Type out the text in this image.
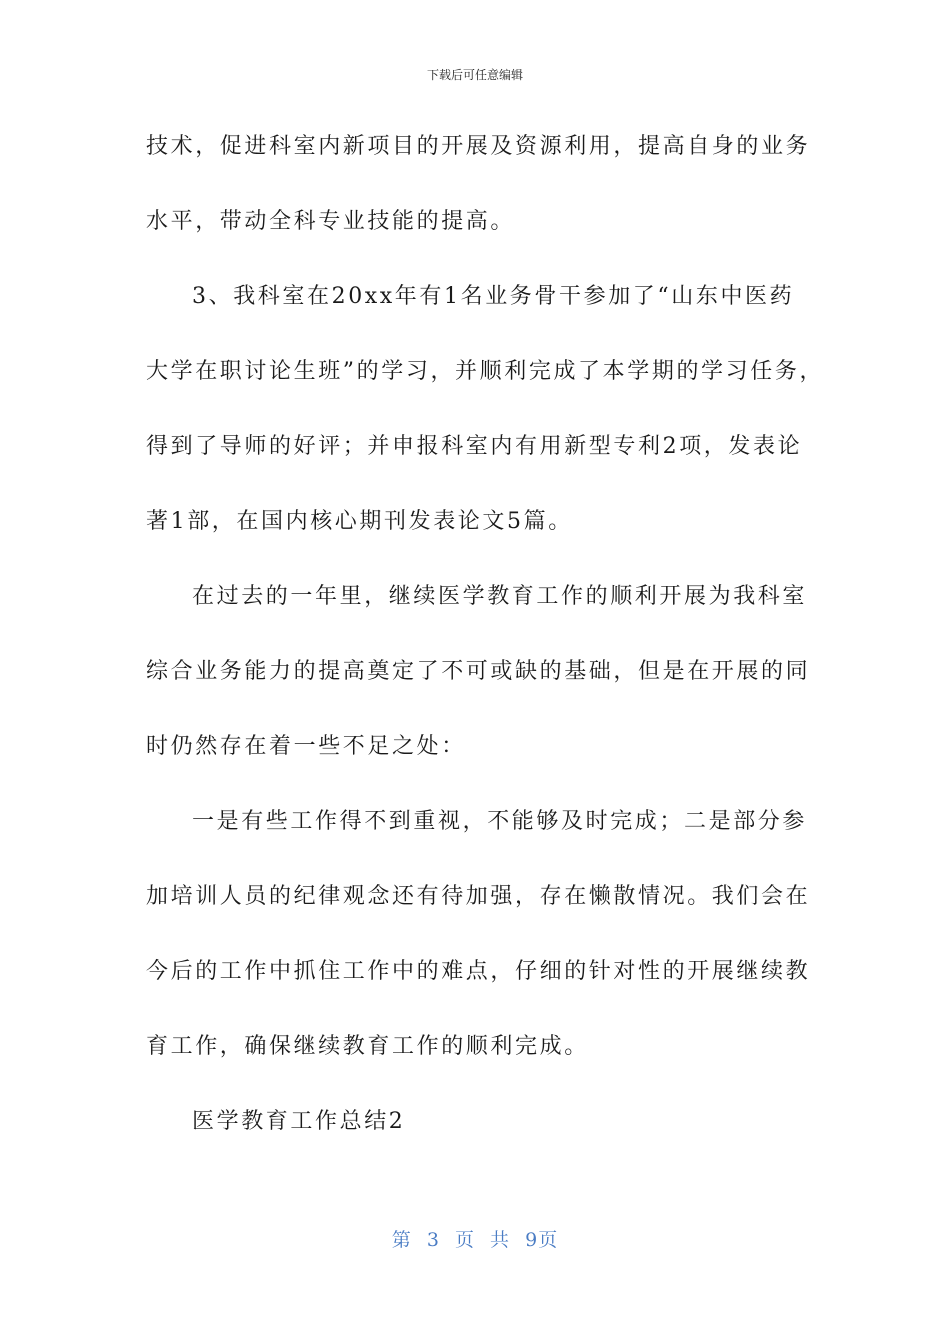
下载后可任意编辑
技术，促进科室内新项目的开展及资源利用，提高自身的业务
水平，带动全科专业技能的提高。
3、我科室在20xx年有1名业务骨干参加了“山东中医药
大学在职讨论生班”的学习，并顺利完成了本学期的学习任务，
得到了导师的好评；并申报科室内有用新型专利2项，发表论
著1部，在国内核心期刊发表论文5篇。
在过去的一年里，继续医学教育工作的顺利开展为我科室
综合业务能力的提高奠定了不可或缺的基础，但是在开展的同
时仍然存在着一些不足之处：
一是有些工作得不到重视，不能够及时完成；二是部分参
加培训人员的纪律观念还有待加强，存在懒散情况。我们会在
今后的工作中抓住工作中的难点，仔细的针对性的开展继续教
育工作，确保继续教育工作的顺利完成。
医学教育工作总结2
第 3 页 共 9页
